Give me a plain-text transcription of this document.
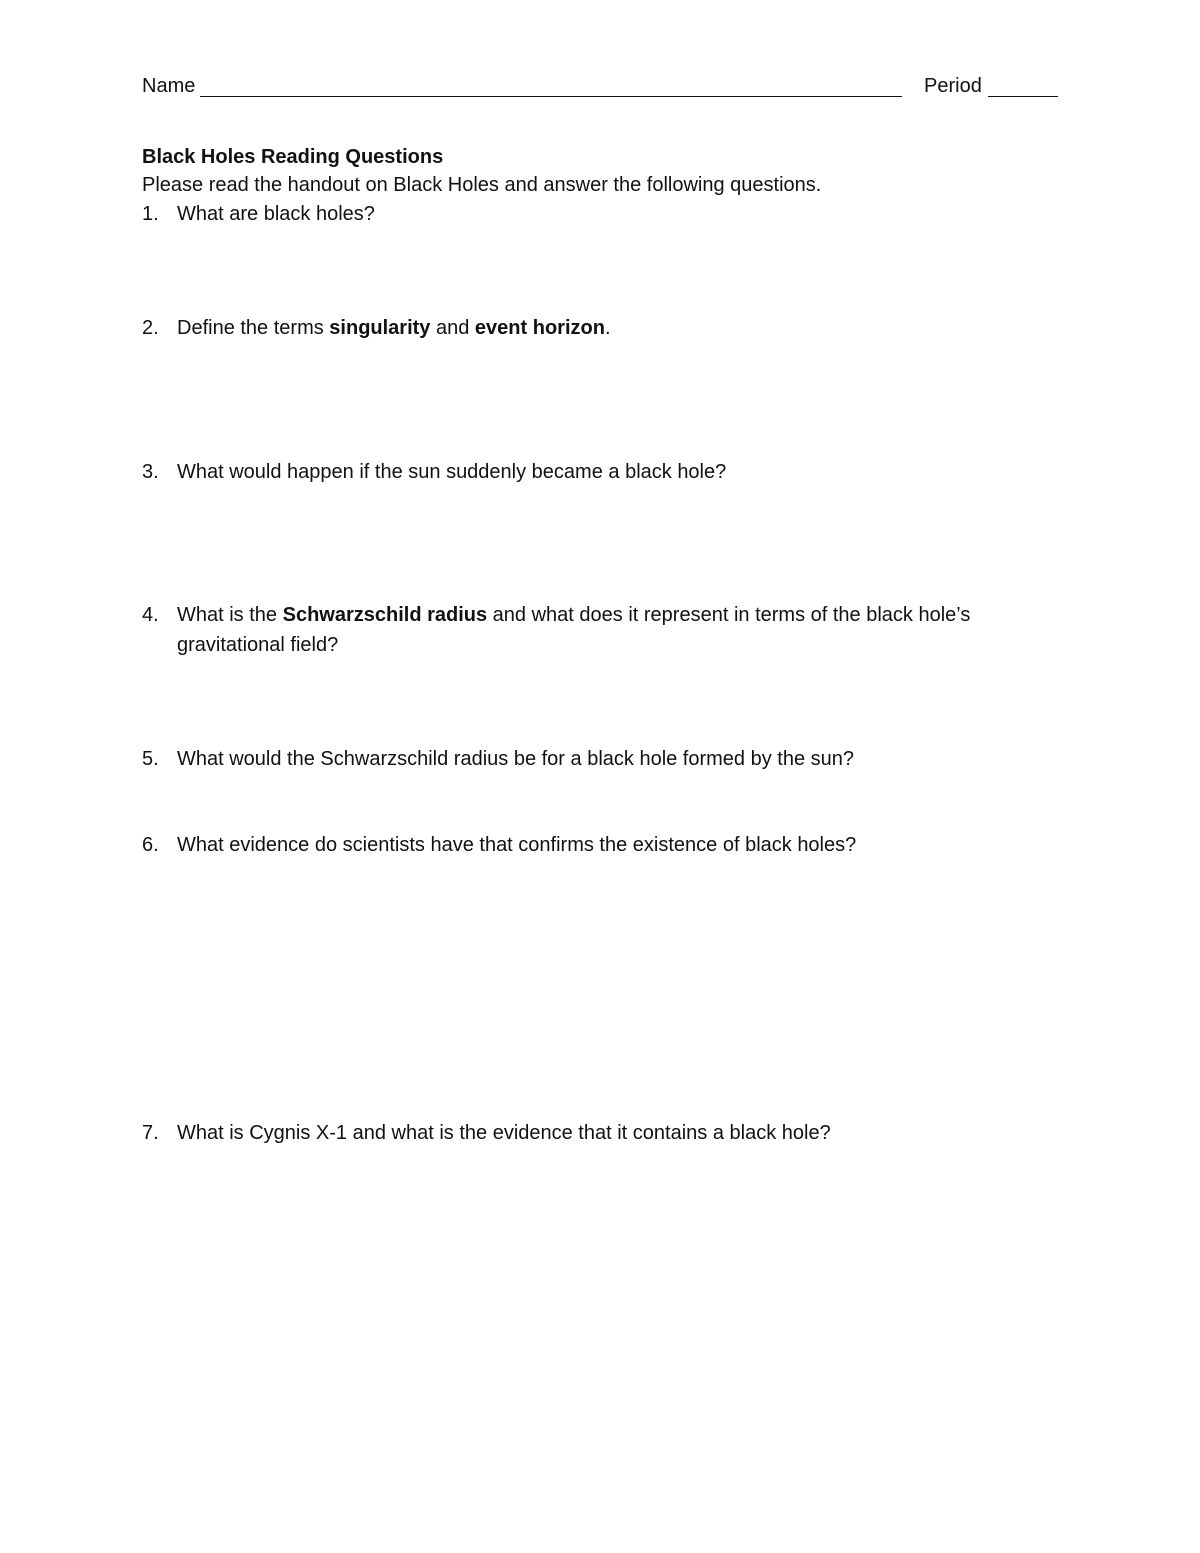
Name	Period
Black Holes Reading Questions
Please read the handout on Black Holes and answer the following questions.
1. What are black holes?
2. Define the terms singularity and event horizon.
3. What would happen if the sun suddenly became a black hole?
4. What is the Schwarzschild radius and what does it represent in terms of the black hole’s gravitational field?
5. What would the Schwarzschild radius be for a black hole formed by the sun?
6. What evidence do scientists have that confirms the existence of black holes?
7. What is Cygnis X-1 and what is the evidence that it contains a black hole?
